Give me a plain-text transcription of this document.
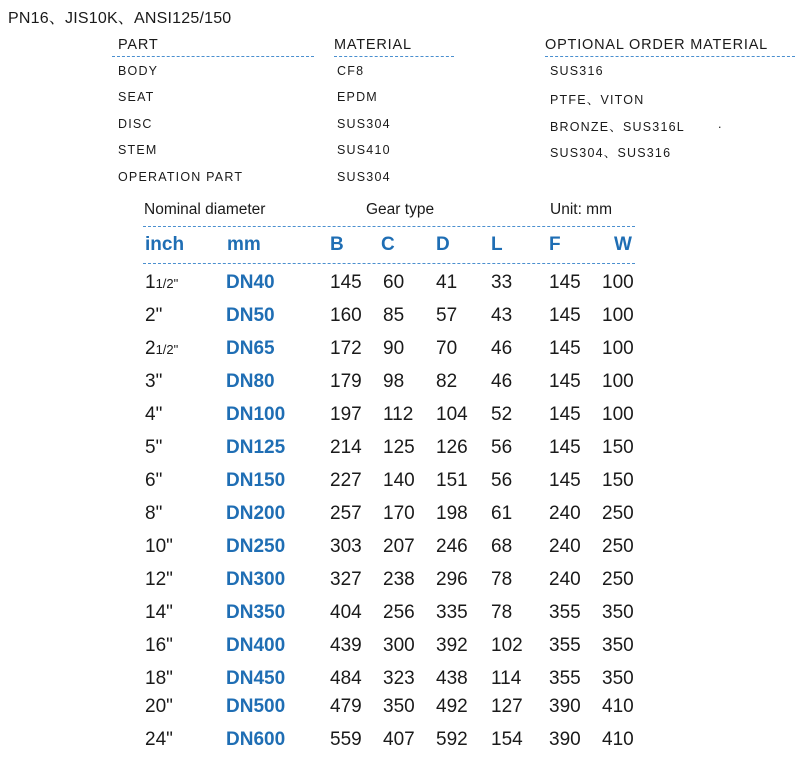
PN16、JIS10K、ANSI125/150
PART	MATERIAL	OPTIONAL ORDER MATERIAL
BODY	CF8	SUS316
SEAT	EPDM	PTFE、VITON
DISC	SUS304	BRONZE、SUS316L	.
STEM	SUS410	SUS304、SUS316
OPERATION PART	SUS304
Nominal diameter	Gear type	Unit: mm
inch mm	B C D L F	W
11/2"	DN40	145 60 41 33 145 100
2"	DN50	160 85 57 43 145 100
21/2"	DN65	172 90 70 46 145 100
3"	DN80	179 98 82 46 145 100
4"	DN100 197 112 104 52 145 100
5"	DN125 214 125 126 56 145 150
6"	DN150 227 140 151 56 145 150
8"	DN200 257 170 198 61 240 250
10"	DN250 303 207 246 68 240 250
12"	DN300 327 238 296 78 240 250
14"	DN350 404 256 335 78 355 350
16"	DN400 439 300 392 102 355 350
18"	DN450 484 323 438 114 355 350
20"	DN500 479 350 492 127 390 410
24"	DN600 559 407 592 154 390 410
